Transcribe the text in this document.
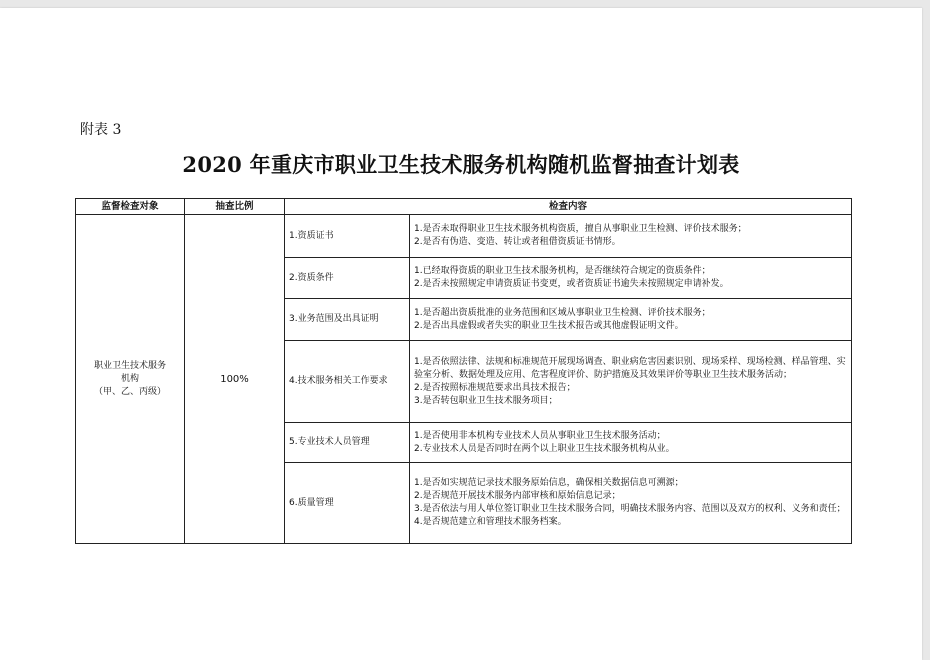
附表 3
2020 年重庆市职业卫生技术服务机构随机监督抽查计划表
监督检查对象	抽查比例	检查内容	

职业卫生技术服务
机构
（甲、乙、丙级）	100%	1.资质证书	1.是否未取得职业卫生技术服务机构资质，擅自从事职业卫生检测、评价技术服务；
2.是否有伪造、变造、转让或者租借资质证书情形。

		2.资质条件	1.已经取得资质的职业卫生技术服务机构，是否继续符合规定的资质条件；
2.是否未按照规定申请资质证书变更，或者资质证书逾失未按照规定申请补发。

		3.业务范围及出具证明	1.是否超出资质批准的业务范围和区域从事职业卫生检测、评价技术服务；
2.是否出具虚假或者失实的职业卫生技术报告或其他虚假证明文件。

		4.技术服务相关工作要求	1.是否依照法律、法规和标准规范开展现场调查、职业病危害因素识别、现场采样、现场检测、样品管理、实验室分析、数据处理及应用、危害程度评价、防护措施及其效果评价等职业卫生技术服务活动；
2.是否按照标准规范要求出具技术报告；
3.是否转包职业卫生技术服务项目；

		5.专业技术人员管理	1.是否使用非本机构专业技术人员从事职业卫生技术服务活动；
2.专业技术人员是否同时在两个以上职业卫生技术服务机构从业。

		6.质量管理	1.是否如实规范记录技术服务原始信息，确保相关数据信息可溯源；
2.是否规范开展技术服务内部审核和原始信息记录；
3.是否依法与用人单位签订职业卫生技术服务合同，明确技术服务内容、范围以及双方的权利、义务和责任；
4.是否规范建立和管理技术服务档案。
